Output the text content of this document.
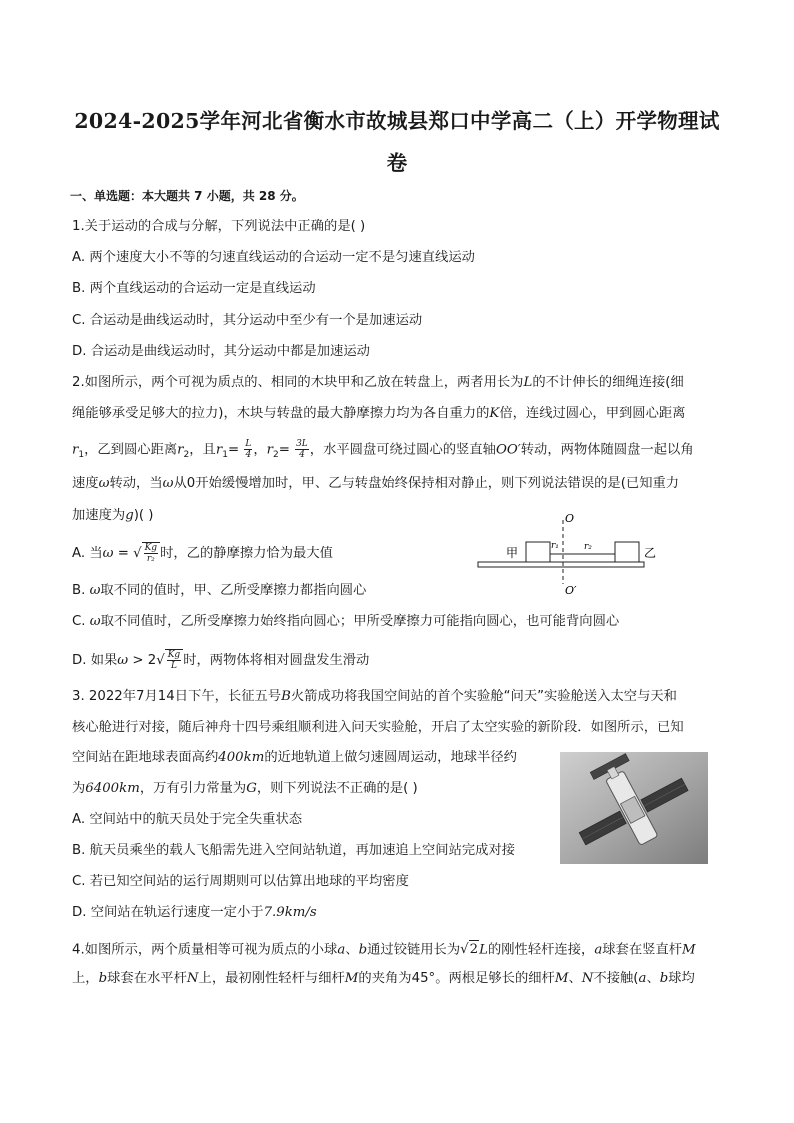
2024-2025学年河北省衡水市故城县郑口中学高二（上）开学物理试
卷
一、单选题：本大题共 7 小题，共 28 分。
1.关于运动的合成与分解，下列说法中正确的是( )
A. 两个速度大小不等的匀速直线运动的合运动一定不是匀速直线运动
B. 两个直线运动的合运动一定是直线运动
C. 合运动是曲线运动时，其分运动中至少有一个是加速运动
D. 合运动是曲线运动时，其分运动中都是加速运动
2.如图所示，两个可视为质点的、相同的木块甲和乙放在转盘上，两者用长为L的不计伸长的细绳连接(细
绳能够承受足够大的拉力)，木块与转盘的最大静摩擦力均为各自重力的K倍，连线过圆心，甲到圆心距离
$r_1$，乙到圆心距离$r_2$，且$r_1= \frac{L}{4}$ ，$r_2= \frac{3L}{4}$ ，水平圆盘可绕过圆心的竖直轴OO′转动，两物体随圆盘一起以角
速度ω转动，当ω从0开始缓慢增加时，甲、乙与转盘始终保持相对静止，则下列说法错误的是(已知重力
加速度为g)( )
A. 当ω = √ $\frac{Kg}{\text{r₂}}$ 时，乙的静摩擦力恰为最大值
B. ω取不同的值时，甲、乙所受摩擦力都指向圆心
C. ω取不同值时，乙所受摩擦力始终指向圆心；甲所受摩擦力可能指向圆心，也可能背向圆心
D. 如果$\omega > 2√ \frac{Kg}{L}$ 时，两物体将相对圆盘发生滑动
O
O′
甲	乙
r₁	r₂
3. 2022年7月14日下午，长征五号B火箭成功将我国空间站的首个实验舱“问天”实验舱送入太空与天和
核心舱进行对接，随后神舟十四号乘组顺利进入问天实验舱，开启了太空实验的新阶段．如图所示，已知
空间站在距地球表面高约400km的近地轨道上做匀速圆周运动，地球半径约
为6400km，万有引力常量为G，则下列说法不正确的是( )
A. 空间站中的航天员处于完全失重状态
B. 航天员乘坐的载人飞船需先进入空间站轨道，再加速追上空间站完成对接
C. 若已知空间站的运行周期则可以估算出地球的平均密度
D. 空间站在轨运行速度一定小于7.9km/s
4.如图所示，两个质量相等可视为质点的小球a、b通过铰链用长为√2L的刚性轻杆连接，a球套在竖直杆M
上，b球套在水平杆N上，最初刚性轻杆与细杆M的夹角为45°。两根足够长的细杆M、N不接触(a、b球均
